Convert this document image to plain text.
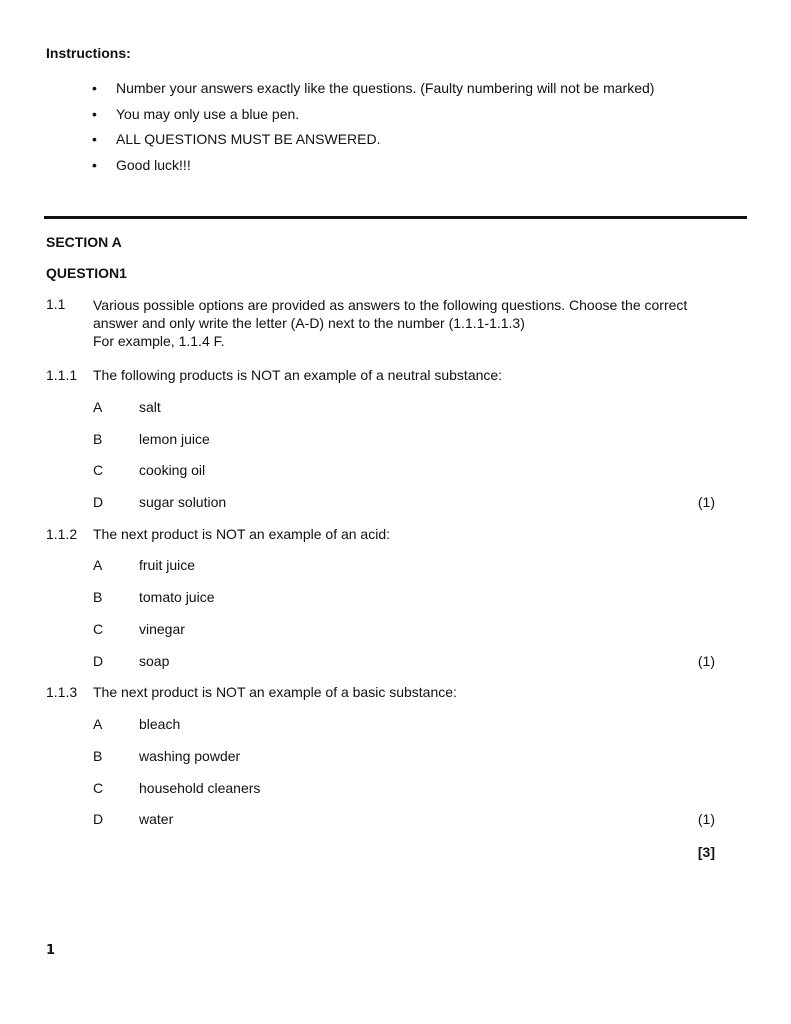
Instructions:
• Number your answers exactly like the questions. (Faulty numbering will not be marked)
• You may only use a blue pen.
• ALL QUESTIONS MUST BE ANSWERED.
• Good luck!!!
SECTION A
QUESTION1
1.1 Various possible options are provided as answers to the following questions. Choose the correct
answer and only write the letter (A-D) next to the number (1.1.1-1.1.3)
For example, 1.1.4 F.
1.1.1 The following products is NOT an example of a neutral substance:
A	salt
B	lemon juice
C	cooking oil
D	sugar solution	(1)
1.1.2 The next product is NOT an example of an acid:
A	fruit juice
B	tomato juice
C	vinegar
D	soap	(1)
1.1.3 The next product is NOT an example of a basic substance:
A	bleach
B	washing powder
C	household cleaners
D	water	(1)
[3]
1
